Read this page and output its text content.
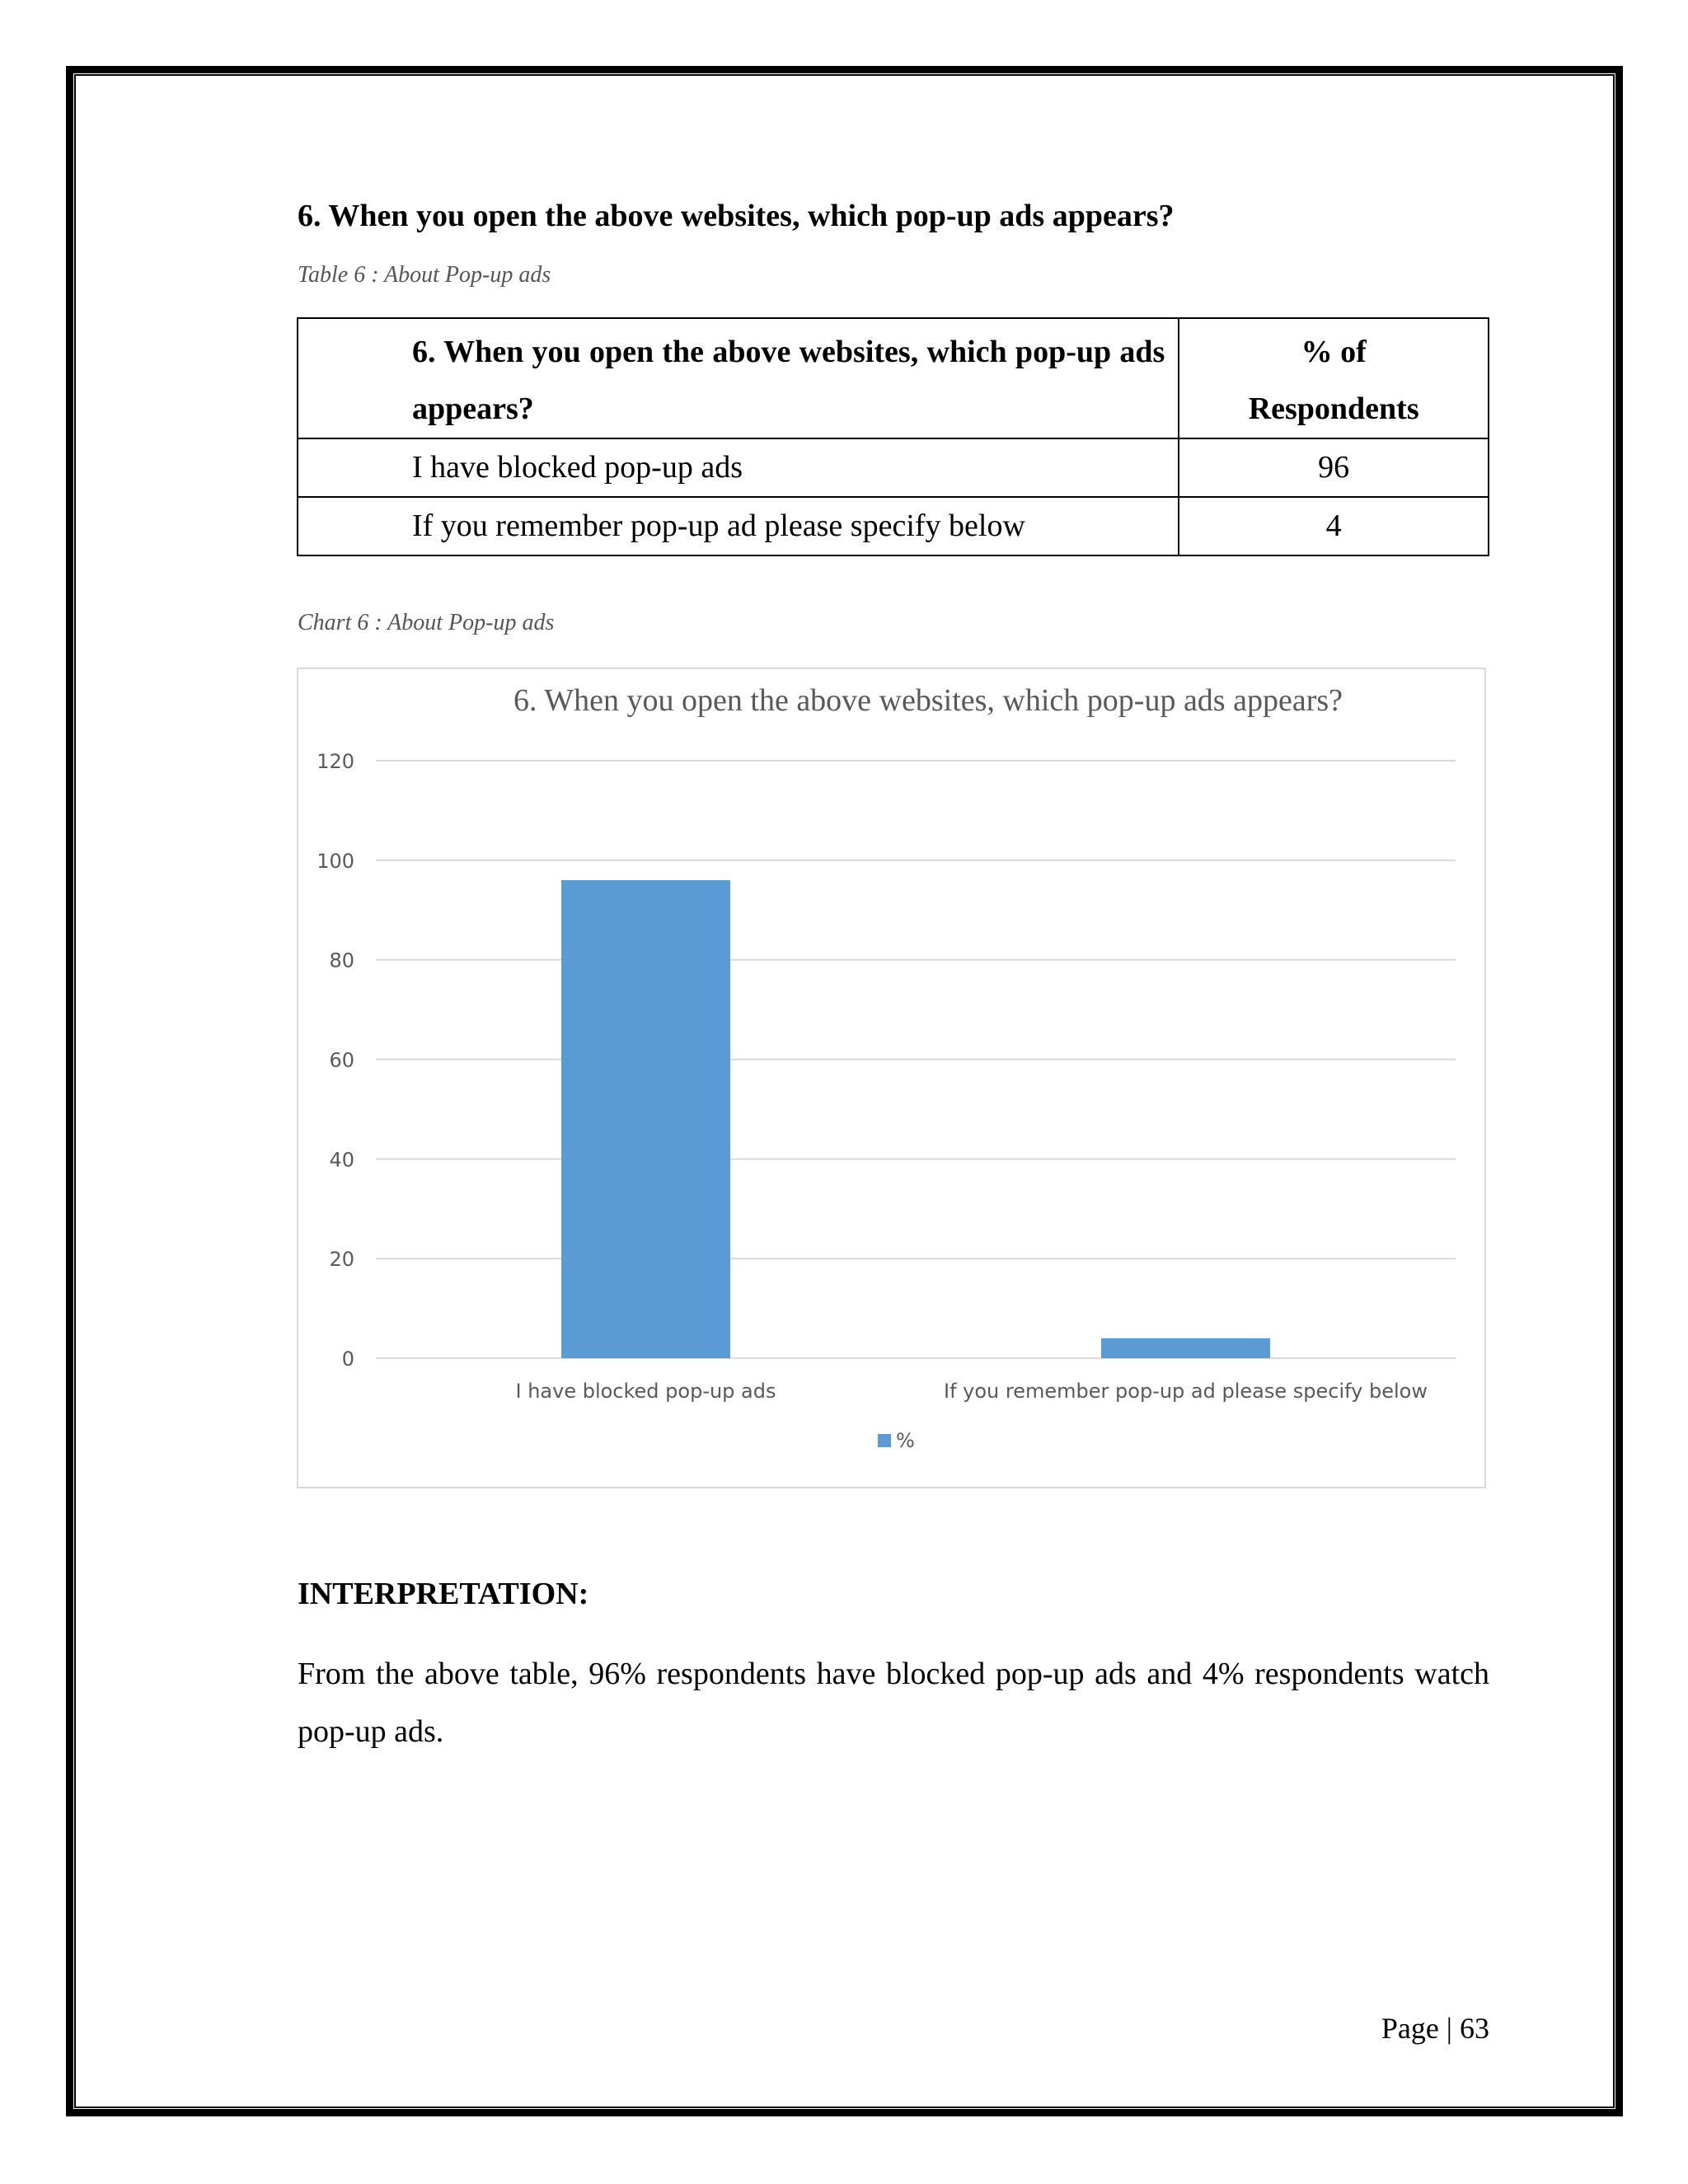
6. When you open the above websites, which pop-up ads appears?
Table 6 : About Pop-up ads
6. When you open the above websites, which pop-up ads appears?	% of
Respondents
I have blocked pop-up ads	96
If you remember pop-up ad please specify below	4
Chart 6 : About Pop-up ads
6. When you open the above websites, which pop-up ads appears?
0
20
40
60
80
100
120
I have blocked pop-up ads	If you remember pop-up ad please specify below
%
INTERPRETATION:
From the above table, 96% respondents have blocked pop-up ads and 4% respondents watch pop-up ads.
Page | 63
